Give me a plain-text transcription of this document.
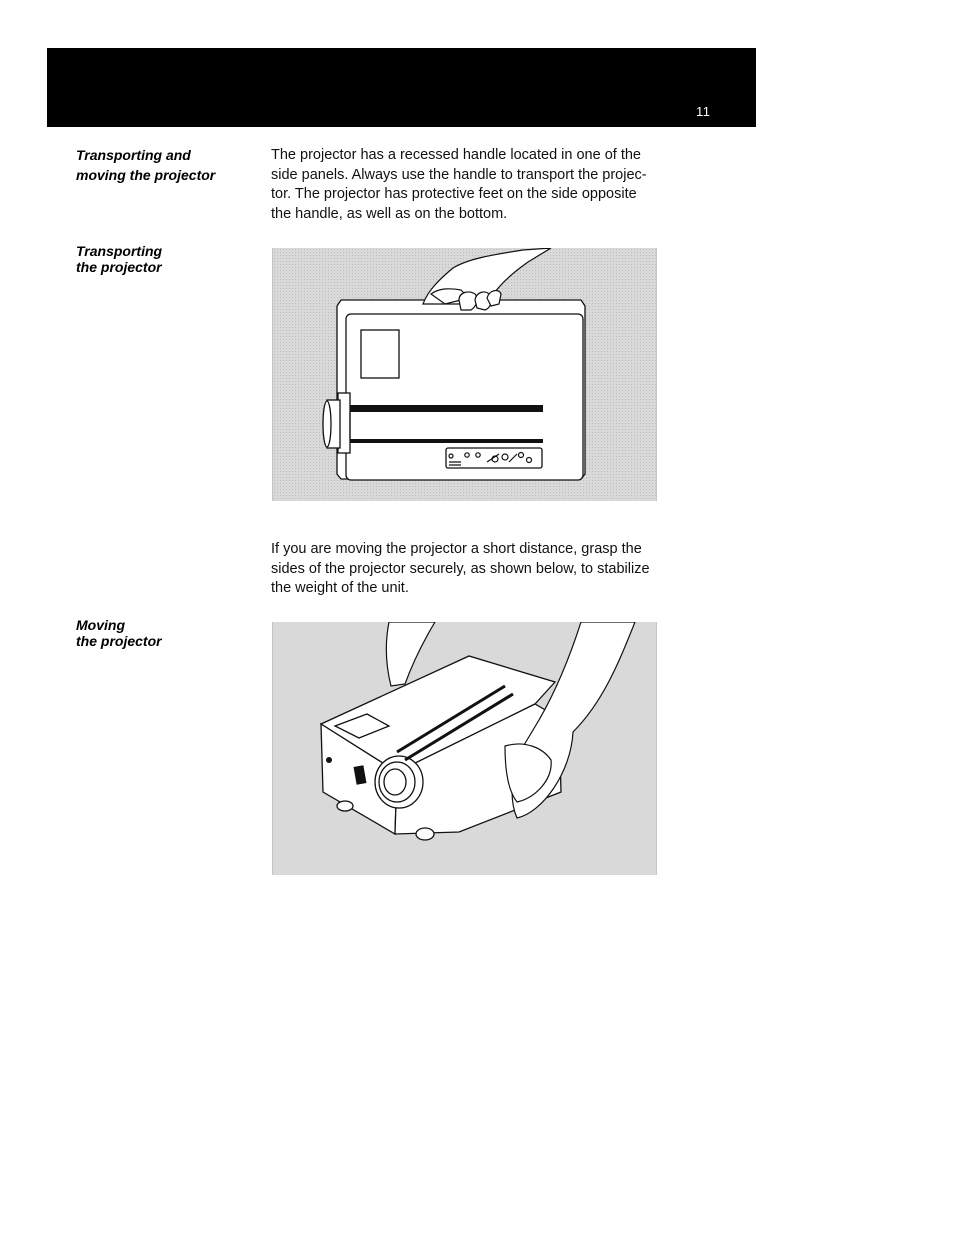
11
Transporting and
moving the projector
The projector has a recessed handle located in one of the
side panels. Always use the handle to transport the projec-
tor. The projector has protective feet on the side opposite
the handle, as well as on the bottom.
Transporting
the projector
If you are moving the projector a short distance, grasp the
sides of the projector securely, as shown below, to stabilize
the weight of the unit.
Moving
the projector
